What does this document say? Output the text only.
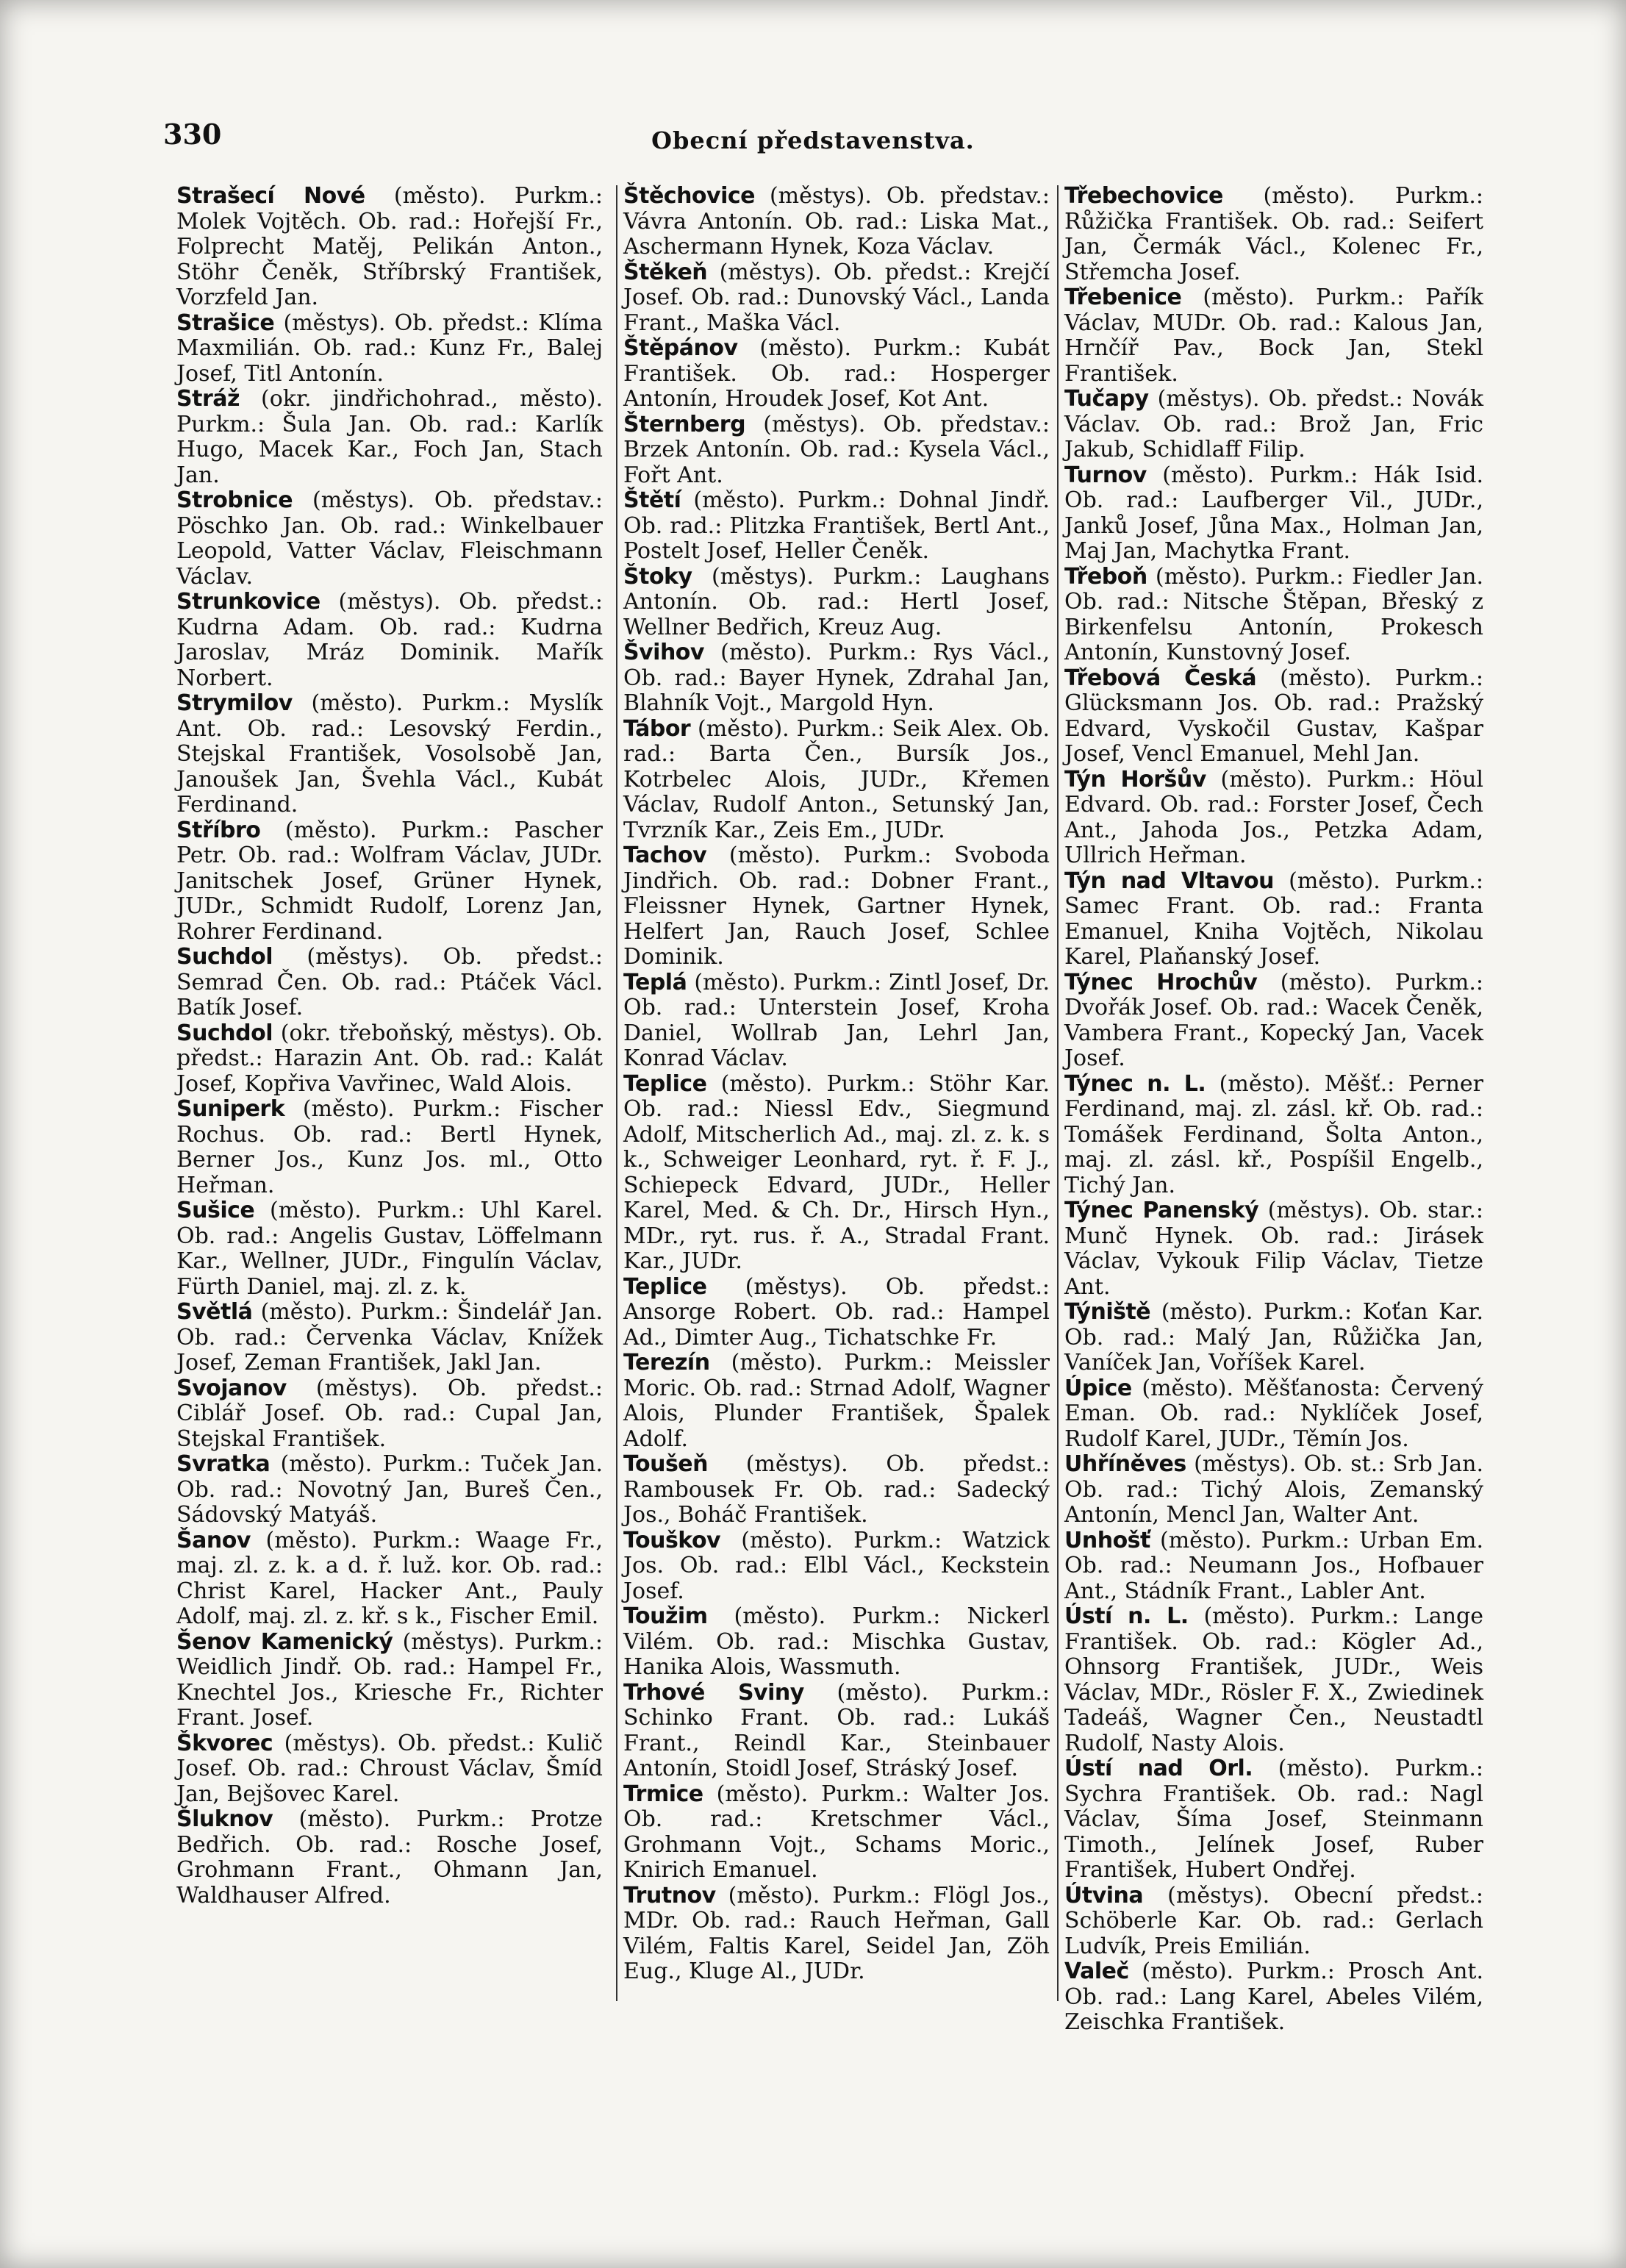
330	Obecní představenstva.

Strašecí Nové (město). Purkm.: Molek Vojtěch. Ob. rad.: Hořejší Fr., Folprecht Matěj, Pelikán Anton., Stöhr Čeněk, Stříbrský František, Vorzfeld Jan.

Strašice (městys). Ob. předst.: Klíma Maxmilián. Ob. rad.: Kunz Fr., Balej Josef, Titl Antonín.

Stráž (okr. jindřichohrad., město). Purkm.: Šula Jan. Ob. rad.: Karlík Hugo, Macek Kar., Foch Jan, Stach Jan.

Strobnice (městys). Ob. představ.: Pöschko Jan. Ob. rad.: Winkelbauer Leopold, Vatter Václav, Fleischmann Václav.

Strunkovice (městys). Ob. předst.: Kudrna Adam. Ob. rad.: Kudrna Jaroslav, Mráz Dominik. Mařík Norbert.

Strymilov (město). Purkm.: Myslík Ant. Ob. rad.: Lesovský Ferdin., Stejskal František, Vosolsobě Jan, Janoušek Jan, Švehla Václ., Kubát Ferdinand.

Stříbro (město). Purkm.: Pascher Petr. Ob. rad.: Wolfram Václav, JUDr. Janitschek Josef, Grüner Hynek, JUDr., Schmidt Rudolf, Lorenz Jan, Rohrer Ferdinand.

Suchdol (městys). Ob. předst.: Semrad Čen. Ob. rad.: Ptáček Václ. Batík Josef.

Suchdol (okr. třeboňský, městys). Ob. předst.: Harazin Ant. Ob. rad.: Kalát Josef, Kopřiva Vavřinec, Wald Alois.

Suniperk (město). Purkm.: Fischer Rochus. Ob. rad.: Bertl Hynek, Berner Jos., Kunz Jos. ml., Otto Heřman.

Sušice (město). Purkm.: Uhl Karel. Ob. rad.: Angelis Gustav, Löffelmann Kar., Wellner, JUDr., Fingulín Václav, Fürth Daniel, maj. zl. z. k.

Světlá (město). Purkm.: Šindelář Jan. Ob. rad.: Červenka Václav, Knížek Josef, Zeman František, Jakl Jan.

Svojanov (městys). Ob. předst.: Ciblář Josef. Ob. rad.: Cupal Jan, Stejskal František.

Svratka (město). Purkm.: Tuček Jan. Ob. rad.: Novotný Jan, Bureš Čen., Sádovský Matyáš.

Šanov (město). Purkm.: Waage Fr., maj. zl. z. k. a d. ř. luž. kor. Ob. rad.: Christ Karel, Hacker Ant., Pauly Adolf, maj. zl. z. kř. s k., Fischer Emil.

Šenov Kamenický (městys). Purkm.: Weidlich Jindř. Ob. rad.: Hampel Fr., Knechtel Jos., Kriesche Fr., Richter Frant. Josef.

Škvorec (městys). Ob. předst.: Kulič Josef. Ob. rad.: Chroust Václav, Šmíd Jan, Bejšovec Karel.

Šluknov (město). Purkm.: Protze Bedřich. Ob. rad.: Rosche Josef, Grohmann Frant., Ohmann Jan, Waldhauser Alfred.

Štěchovice (městys). Ob. představ.: Vávra Antonín. Ob. rad.: Liska Mat., Aschermann Hynek, Koza Václav.

Štěkeň (městys). Ob. předst.: Krejčí Josef. Ob. rad.: Dunovský Václ., Landa Frant., Maška Václ.

Štěpánov (město). Purkm.: Kubát František. Ob. rad.: Hosperger Antonín, Hroudek Josef, Kot Ant.

Šternberg (městys). Ob. představ.: Brzek Antonín. Ob. rad.: Kysela Václ., Fořt Ant.

Štětí (město). Purkm.: Dohnal Jindř. Ob. rad.: Plitzka František, Bertl Ant., Postelt Josef, Heller Čeněk.

Štoky (městys). Purkm.: Laughans Antonín. Ob. rad.: Hertl Josef, Wellner Bedřich, Kreuz Aug.

Švihov (město). Purkm.: Rys Václ., Ob. rad.: Bayer Hynek, Zdrahal Jan, Blahník Vojt., Margold Hyn.

Tábor (město). Purkm.: Seik Alex. Ob. rad.: Barta Čen., Bursík Jos., Kotrbelec Alois, JUDr., Křemen Václav, Rudolf Anton., Setunský Jan, Tvrzník Kar., Zeis Em., JUDr.

Tachov (město). Purkm.: Svoboda Jindřich. Ob. rad.: Dobner Frant., Fleissner Hynek, Gartner Hynek, Helfert Jan, Rauch Josef, Schlee Dominik.

Teplá (město). Purkm.: Zintl Josef, Dr. Ob. rad.: Unterstein Josef, Kroha Daniel, Wollrab Jan, Lehrl Jan, Konrad Václav.

Teplice (město). Purkm.: Stöhr Kar. Ob. rad.: Niessl Edv., Siegmund Adolf, Mitscherlich Ad., maj. zl. z. k. s k., Schweiger Leonhard, ryt. ř. F. J., Schiepeck Edvard, JUDr., Heller Karel, Med. & Ch. Dr., Hirsch Hyn., MDr., ryt. rus. ř. A., Stradal Frant. Kar., JUDr.

Teplice (městys). Ob. předst.: Ansorge Robert. Ob. rad.: Hampel Ad., Dimter Aug., Tichatschke Fr.

Terezín (město). Purkm.: Meissler Moric. Ob. rad.: Strnad Adolf, Wagner Alois, Plunder František, Špalek Adolf.

Toušeň (městys). Ob. předst.: Rambousek Fr. Ob. rad.: Sadecký Jos., Boháč František.

Touškov (město). Purkm.: Watzick Jos. Ob. rad.: Elbl Václ., Keckstein Josef.

Toužim (město). Purkm.: Nickerl Vilém. Ob. rad.: Mischka Gustav, Hanika Alois, Wassmuth.

Trhové Sviny (město). Purkm.: Schinko Frant. Ob. rad.: Lukáš Frant., Reindl Kar., Steinbauer Antonín, Stoidl Josef, Stráský Josef.

Trmice (město). Purkm.: Walter Jos. Ob. rad.: Kretschmer Václ., Grohmann Vojt., Schams Moric., Knirich Emanuel.

Trutnov (město). Purkm.: Flögl Jos., MDr. Ob. rad.: Rauch Heřman, Gall Vilém, Faltis Karel, Seidel Jan, Zöh Eug., Kluge Al., JUDr.

Třebechovice (město). Purkm.: Růžička František. Ob. rad.: Seifert Jan, Čermák Václ., Kolenec Fr., Střemcha Josef.

Třebenice (město). Purkm.: Pařík Václav, MUDr. Ob. rad.: Kalous Jan, Hrnčíř Pav., Bock Jan, Stekl František.

Tučapy (městys). Ob. předst.: Novák Václav. Ob. rad.: Brož Jan, Fric Jakub, Schidlaff Filip.

Turnov (město). Purkm.: Hák Isid. Ob. rad.: Laufberger Vil., JUDr., Janků Josef, Jůna Max., Holman Jan, Maj Jan, Machytka Frant.

Třeboň (město). Purkm.: Fiedler Jan. Ob. rad.: Nitsche Štěpan, Břeský z Birkenfelsu Antonín, Prokesch Antonín, Kunstovný Josef.

Třebová Česká (město). Purkm.: Glücksmann Jos. Ob. rad.: Pražský Edvard, Vyskočil Gustav, Kašpar Josef, Vencl Emanuel, Mehl Jan.

Týn Horšův (město). Purkm.: Höul Edvard. Ob. rad.: Forster Josef, Čech Ant., Jahoda Jos., Petzka Adam, Ullrich Heřman.

Týn nad Vltavou (město). Purkm.: Samec Frant. Ob. rad.: Franta Emanuel, Kniha Vojtěch, Nikolau Karel, Plaňanský Josef.

Týnec Hrochův (město). Purkm.: Dvořák Josef. Ob. rad.: Wacek Čeněk, Vambera Frant., Kopecký Jan, Vacek Josef.

Týnec n. L. (město). Měšť.: Perner Ferdinand, maj. zl. zásl. kř. Ob. rad.: Tomášek Ferdinand, Šolta Anton., maj. zl. zásl. kř., Pospíšil Engelb., Tichý Jan.

Týnec Panenský (městys). Ob. star.: Munč Hynek. Ob. rad.: Jirásek Václav, Vykouk Filip Václav, Tietze Ant.

Týniště (město). Purkm.: Koťan Kar. Ob. rad.: Malý Jan, Růžička Jan, Vaníček Jan, Voříšek Karel.

Úpice (město). Měšťanosta: Červený Eman. Ob. rad.: Nyklíček Josef, Rudolf Karel, JUDr., Těmín Jos.

Uhříněves (městys). Ob. st.: Srb Jan. Ob. rad.: Tichý Alois, Zemanský Antonín, Mencl Jan, Walter Ant.

Unhošť (město). Purkm.: Urban Em. Ob. rad.: Neumann Jos., Hofbauer Ant., Stádník Frant., Labler Ant.

Ústí n. L. (město). Purkm.: Lange František. Ob. rad.: Kögler Ad., Ohnsorg František, JUDr., Weis Václav, MDr., Rösler F. X., Zwiedinek Tadeáš, Wagner Čen., Neustadtl Rudolf, Nasty Alois.

Ústí nad Orl. (město). Purkm.: Sychra František. Ob. rad.: Nagl Václav, Šíma Josef, Steinmann Timoth., Jelínek Josef, Ruber František, Hubert Ondřej.

Útvina (městys). Obecní předst.: Schöberle Kar. Ob. rad.: Gerlach Ludvík, Preis Emilián.

Valeč (město). Purkm.: Prosch Ant. Ob. rad.: Lang Karel, Abeles Vilém, Zeischka František.
